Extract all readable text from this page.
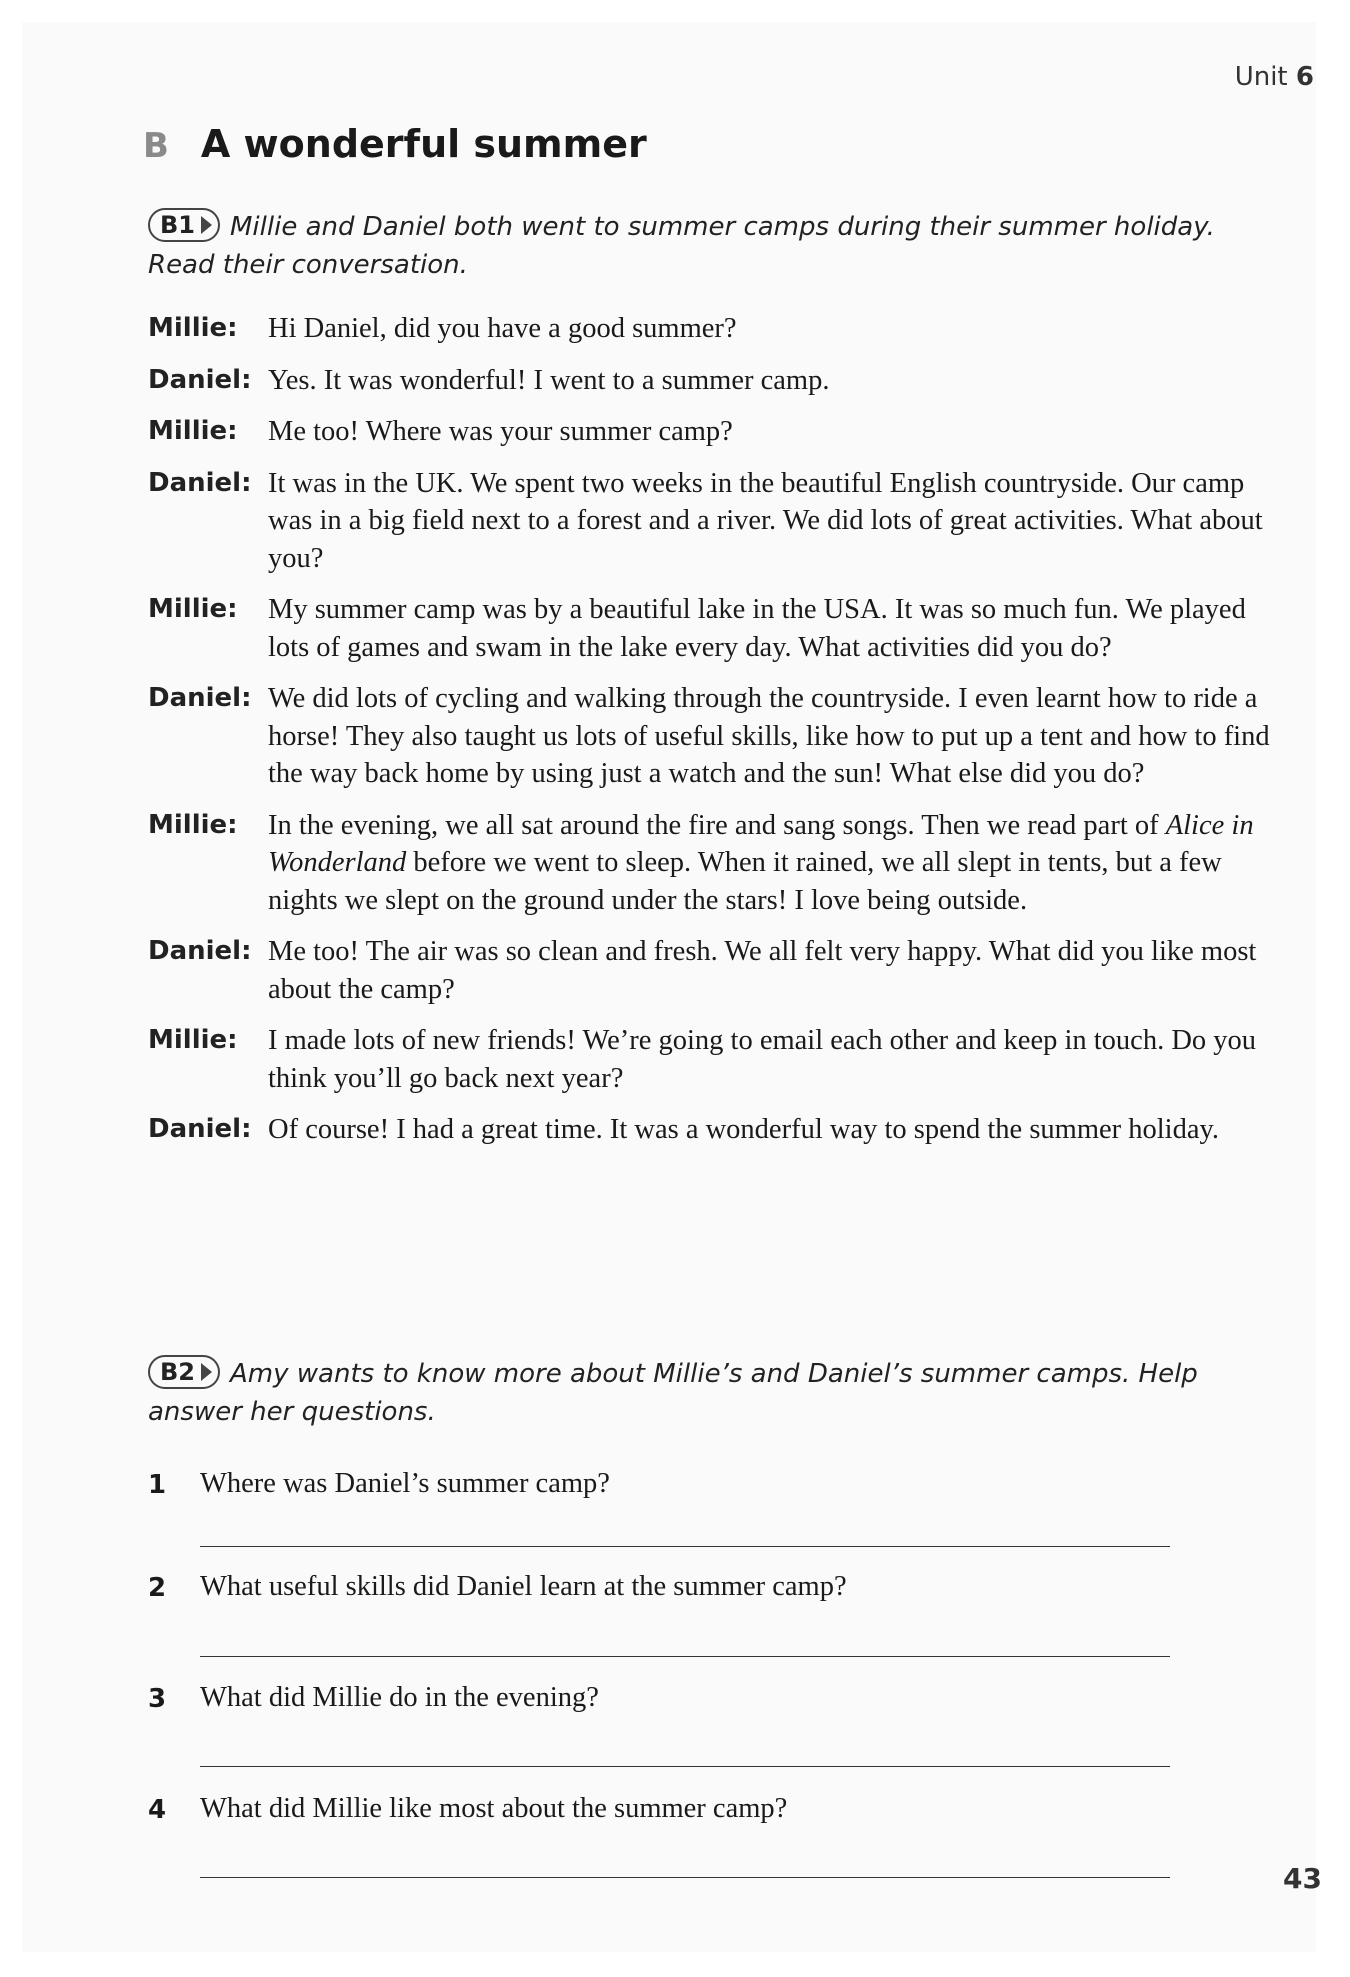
Unit 6
B A wonderful summer
B1 Millie and Daniel both went to summer camps during their summer holiday.
Read their conversation.
Millie:	Hi Daniel, did you have a good summer?
Daniel: Yes. It was wonderful! I went to a summer camp.
Millie:	Me too! Where was your summer camp?
Daniel: It was in the UK. We spent two weeks in the beautiful English countryside. Our camp was in a big field next to a forest and a river. We did lots of great activities. What about you?
Millie:	My summer camp was by a beautiful lake in the USA. It was so much fun. We played lots of games and swam in the lake every day. What activities did you do?
Daniel: We did lots of cycling and walking through the countryside. I even learnt how to ride a horse! They also taught us lots of useful skills, like how to put up a tent and how to find the way back home by using just a watch and the sun! What else did you do?
Millie:	In the evening, we all sat around the fire and sang songs. Then we read part of Alice in Wonderland before we went to sleep. When it rained, we all slept in tents, but a few nights we slept on the ground under the stars! I love being outside.
Daniel: Me too! The air was so clean and fresh. We all felt very happy. What did you like most about the camp?
Millie:	I made lots of new friends! We’re going to email each other and keep in touch. Do you think you’ll go back next year?
Daniel: Of course! I had a great time. It was a wonderful way to spend the summer holiday.
B2 Amy wants to know more about Millie’s and Daniel’s summer camps. Help
answer her questions.
1 Where was Daniel’s summer camp?
2 What useful skills did Daniel learn at the summer camp?
3 What did Millie do in the evening?
4 What did Millie like most about the summer camp?
43
